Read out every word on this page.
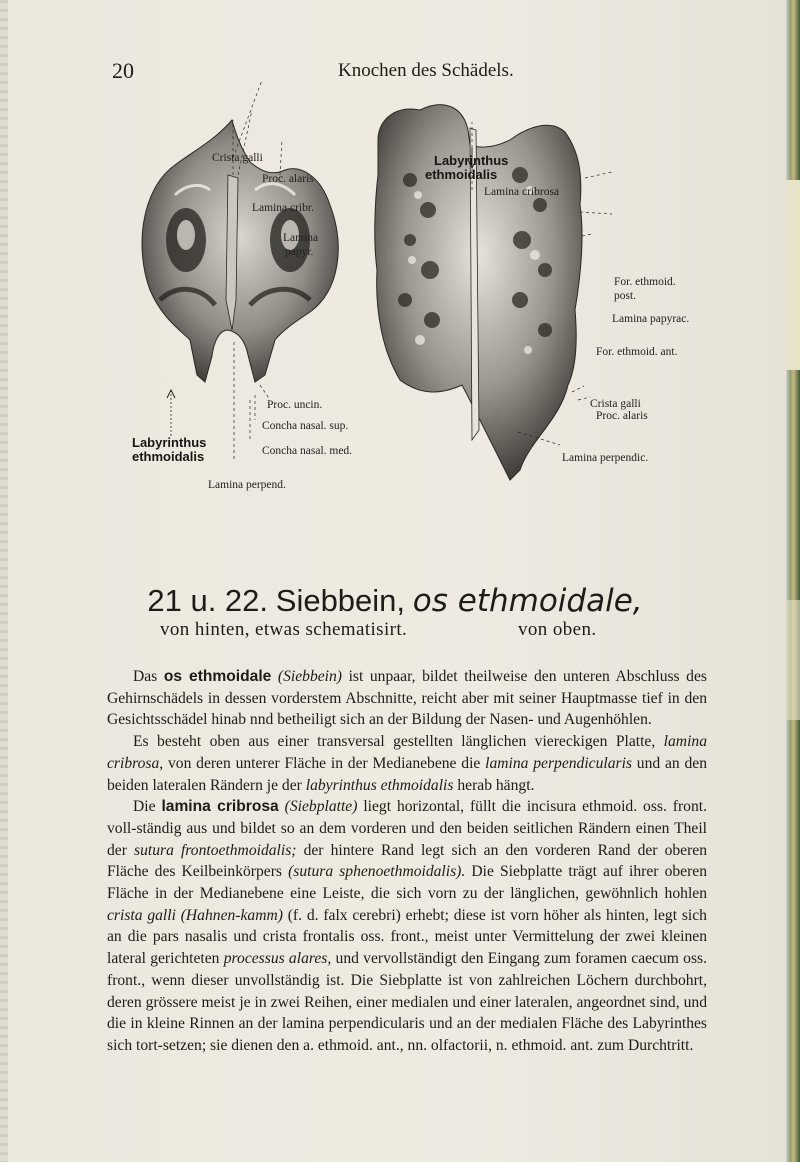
20	Knochen des Schädels.
Crista galli
Proc. alaris
Lamina cribr.
Lamina
papyr.
Proc. uncin.
Concha nasal. sup.
Concha nasal. med.
Labyrinthus
ethmoidalis
Lamina perpend.
Labyrinthus
ethmoidalis
Lamina cribrosa
For. ethmoid.
post.
Lamina papyrac.
For. ethmoid. ant.
Crista galli
Proc. alaris
Lamina perpendic.
21 u. 22. Siebbein, os ethmoidale,
von hinten, etwas schematisirt.	von oben.

Das os ethmoidale (Siebbein) ist unpaar, bildet theilweise den unteren Abschluss des Gehirnschädels in dessen vorderstem Abschnitte, reicht aber mit seiner Hauptmasse tief in den Gesichtsschädel hinab nnd betheiligt sich an der Bildung der Nasen- und Augenhöhlen.

Es besteht oben aus einer transversal gestellten länglichen viereckigen Platte, lamina cribrosa, von deren unterer Fläche in der Medianebene die lamina perpendicularis und an den beiden lateralen Rändern je der labyrinthus ethmoidalis herab hängt.

Die lamina cribrosa (Siebplatte) liegt horizontal, füllt die incisura ethmoid. oss. front. voll-ständig aus und bildet so an dem vorderen und den beiden seitlichen Rändern einen Theil der sutura frontoethmoidalis; der hintere Rand legt sich an den vorderen Rand der oberen Fläche des Keilbeinkörpers (sutura sphenoethmoidalis). Die Siebplatte trägt auf ihrer oberen Fläche in der Medianebene eine Leiste, die sich vorn zu der länglichen, gewöhnlich hohlen crista galli (Hahnen-kamm) (f. d. falx cerebri) erhebt; diese ist vorn höher als hinten, legt sich an die pars nasalis und crista frontalis oss. front., meist unter Vermittelung der zwei kleinen lateral gerichteten processus alares, und vervollständigt den Eingang zum foramen caecum oss. front., wenn dieser unvollständig ist. Die Siebplatte ist von zahlreichen Löchern durchbohrt, deren grössere meist je in zwei Reihen, einer medialen und einer lateralen, angeordnet sind, und die in kleine Rinnen an der lamina perpendicularis und an der medialen Fläche des Labyrinthes sich tort-setzen; sie dienen den a. ethmoid. ant., nn. olfactorii, n. ethmoid. ant. zum Durchtritt.
